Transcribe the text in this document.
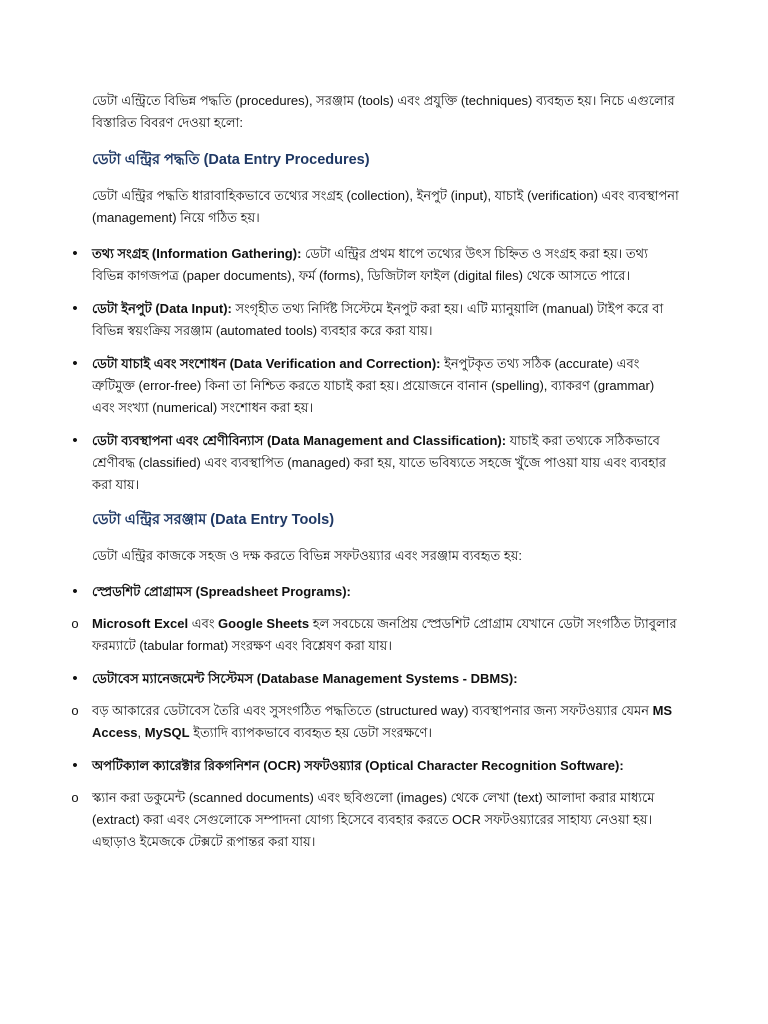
ডেটা এন্ট্রিতে বিভিন্ন পদ্ধতি (procedures), সরঞ্জাম (tools) এবং প্রযুক্তি (techniques) ব্যবহৃত হয়। নিচে এগুলোর বিস্তারিত বিবরণ দেওয়া হলো:

ডেটা এন্ট্রির পদ্ধতি (Data Entry Procedures)

ডেটা এন্ট্রির পদ্ধতি ধারাবাহিকভাবে তথ্যের সংগ্রহ (collection), ইনপুট (input), যাচাই (verification) এবং ব্যবস্থাপনা (management) নিয়ে গঠিত হয়।

•	তথ্য সংগ্রহ (Information Gathering): ডেটা এন্ট্রির প্রথম ধাপে তথ্যের উৎস চিহ্নিত ও সংগ্রহ করা হয়। তথ্য বিভিন্ন কাগজপত্র (paper documents), ফর্ম (forms), ডিজিটাল ফাইল (digital files) থেকে আসতে পারে।

•	ডেটা ইনপুট (Data Input): সংগৃহীত তথ্য নির্দিষ্ট সিস্টেমে ইনপুট করা হয়। এটি ম্যানুয়ালি (manual) টাইপ করে বা বিভিন্ন স্বয়ংক্রিয় সরঞ্জাম (automated tools) ব্যবহার করে করা যায়।

•	ডেটা যাচাই এবং সংশোধন (Data Verification and Correction): ইনপুটকৃত তথ্য সঠিক (accurate) এবং ত্রুটিমুক্ত (error-free) কিনা তা নিশ্চিত করতে যাচাই করা হয়। প্রয়োজনে বানান (spelling), ব্যাকরণ (grammar) এবং সংখ্যা (numerical) সংশোধন করা হয়।

•	ডেটা ব্যবস্থাপনা এবং শ্রেণীবিন্যাস (Data Management and Classification): যাচাই করা তথ্যকে সঠিকভাবে শ্রেণীবদ্ধ (classified) এবং ব্যবস্থাপিত (managed) করা হয়, যাতে ভবিষ্যতে সহজে খুঁজে পাওয়া যায় এবং ব্যবহার করা যায়।

ডেটা এন্ট্রির সরঞ্জাম (Data Entry Tools)

ডেটা এন্ট্রির কাজকে সহজ ও দক্ষ করতে বিভিন্ন সফটওয়্যার এবং সরঞ্জাম ব্যবহৃত হয়:

•	স্প্রেডশিট প্রোগ্রামস (Spreadsheet Programs):

o Microsoft Excel এবং Google Sheets হল সবচেয়ে জনপ্রিয় স্প্রেডশিট প্রোগ্রাম যেখানে ডেটা সংগঠিত ট্যাবুলার ফরম্যাটে (tabular format) সংরক্ষণ এবং বিশ্লেষণ করা যায়।

•	ডেটাবেস ম্যানেজমেন্ট সিস্টেমস (Database Management Systems - DBMS):

o বড় আকারের ডেটাবেস তৈরি এবং সুসংগঠিত পদ্ধতিতে (structured way) ব্যবস্থাপনার জন্য সফটওয়্যার যেমন MS Access, MySQL ইত্যাদি ব্যাপকভাবে ব্যবহৃত হয় ডেটা সংরক্ষণে।

•	অপটিক্যাল ক্যারেক্টার রিকগনিশন (OCR) সফটওয়্যার (Optical Character Recognition Software):

o স্ক্যান করা ডকুমেন্ট (scanned documents) এবং ছবিগুলো (images) থেকে লেখা (text) আলাদা করার মাধ্যমে (extract) করা এবং সেগুলোকে সম্পাদনা যোগ্য হিসেবে ব্যবহার করতে OCR সফটওয়্যারের সাহায্য নেওয়া হয়। এছাড়াও ইমেজকে টেক্সটে রূপান্তর করা যায়।
